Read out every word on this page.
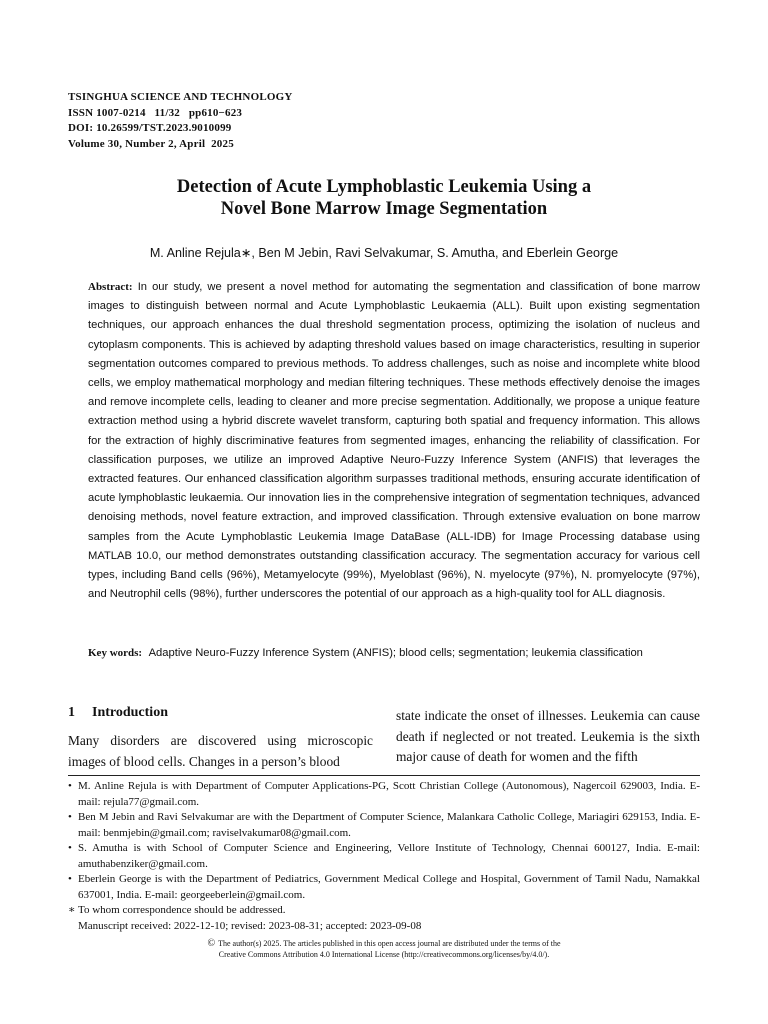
TSINGHUA SCIENCE AND TECHNOLOGY
ISSN 1007-0214   11/32   pp610−623
DOI: 10.26599/TST.2023.9010099
Volume 30, Number 2, April  2025
Detection of Acute Lymphoblastic Leukemia Using a
Novel Bone Marrow Image Segmentation
M. Anline Rejula∗, Ben M Jebin, Ravi Selvakumar, S. Amutha, and Eberlein George
Abstract: In our study, we present a novel method for automating the segmentation and classification of bone marrow images to distinguish between normal and Acute Lymphoblastic Leukaemia (ALL). Built upon existing segmentation techniques, our approach enhances the dual threshold segmentation process, optimizing the isolation of nucleus and cytoplasm components. This is achieved by adapting threshold values based on image characteristics, resulting in superior segmentation outcomes compared to previous methods. To address challenges, such as noise and incomplete white blood cells, we employ mathematical morphology and median filtering techniques. These methods effectively denoise the images and remove incomplete cells, leading to cleaner and more precise segmentation. Additionally, we propose a unique feature extraction method using a hybrid discrete wavelet transform, capturing both spatial and frequency information. This allows for the extraction of highly discriminative features from segmented images, enhancing the reliability of classification. For classification purposes, we utilize an improved Adaptive Neuro-Fuzzy Inference System (ANFIS) that leverages the extracted features. Our enhanced classification algorithm surpasses traditional methods, ensuring accurate identification of acute lymphoblastic leukaemia. Our innovation lies in the comprehensive integration of segmentation techniques, advanced denoising methods, novel feature extraction, and improved classification. Through extensive evaluation on bone marrow samples from the Acute Lymphoblastic Leukemia Image DataBase (ALL-IDB) for Image Processing database using MATLAB 10.0, our method demonstrates outstanding classification accuracy. The segmentation accuracy for various cell types, including Band cells (96%), Metamyelocyte (99%), Myeloblast (96%), N. myelocyte (97%), N. promyelocyte (97%), and Neutrophil cells (98%), further underscores the potential of our approach as a high-quality tool for ALL diagnosis.
Key words: Adaptive Neuro-Fuzzy Inference System (ANFIS); blood cells; segmentation; leukemia classification
1 Introduction
Many disorders are discovered using microscopic images of blood cells. Changes in a person’s blood
state indicate the onset of illnesses. Leukemia can cause death if neglected or not treated. Leukemia is the sixth major cause of death for women and the fifth
• M. Anline Rejula is with Department of Computer Applications-PG, Scott Christian College (Autonomous), Nagercoil 629003, India. E-mail: rejula77@gmail.com.
• Ben M Jebin and Ravi Selvakumar are with the Department of Computer Science, Malankara Catholic College, Mariagiri 629153, India. E-mail: benmjebin@gmail.com; raviselvakumar08@gmail.com.
• S. Amutha is with School of Computer Science and Engineering, Vellore Institute of Technology, Chennai 600127, India. E-mail: amuthabenziker@gmail.com.
• Eberlein George is with the Department of Pediatrics, Government Medical College and Hospital, Government of Tamil Nadu, Namakkal 637001, India. E-mail: georgeeberlein@gmail.com.
∗ To whom correspondence should be addressed.
Manuscript received: 2022-12-10; revised: 2023-08-31; accepted: 2023-09-08
© The author(s) 2025. The articles published in this open access journal are distributed under the terms of the
Creative Commons Attribution 4.0 International License (http://creativecommons.org/licenses/by/4.0/).
